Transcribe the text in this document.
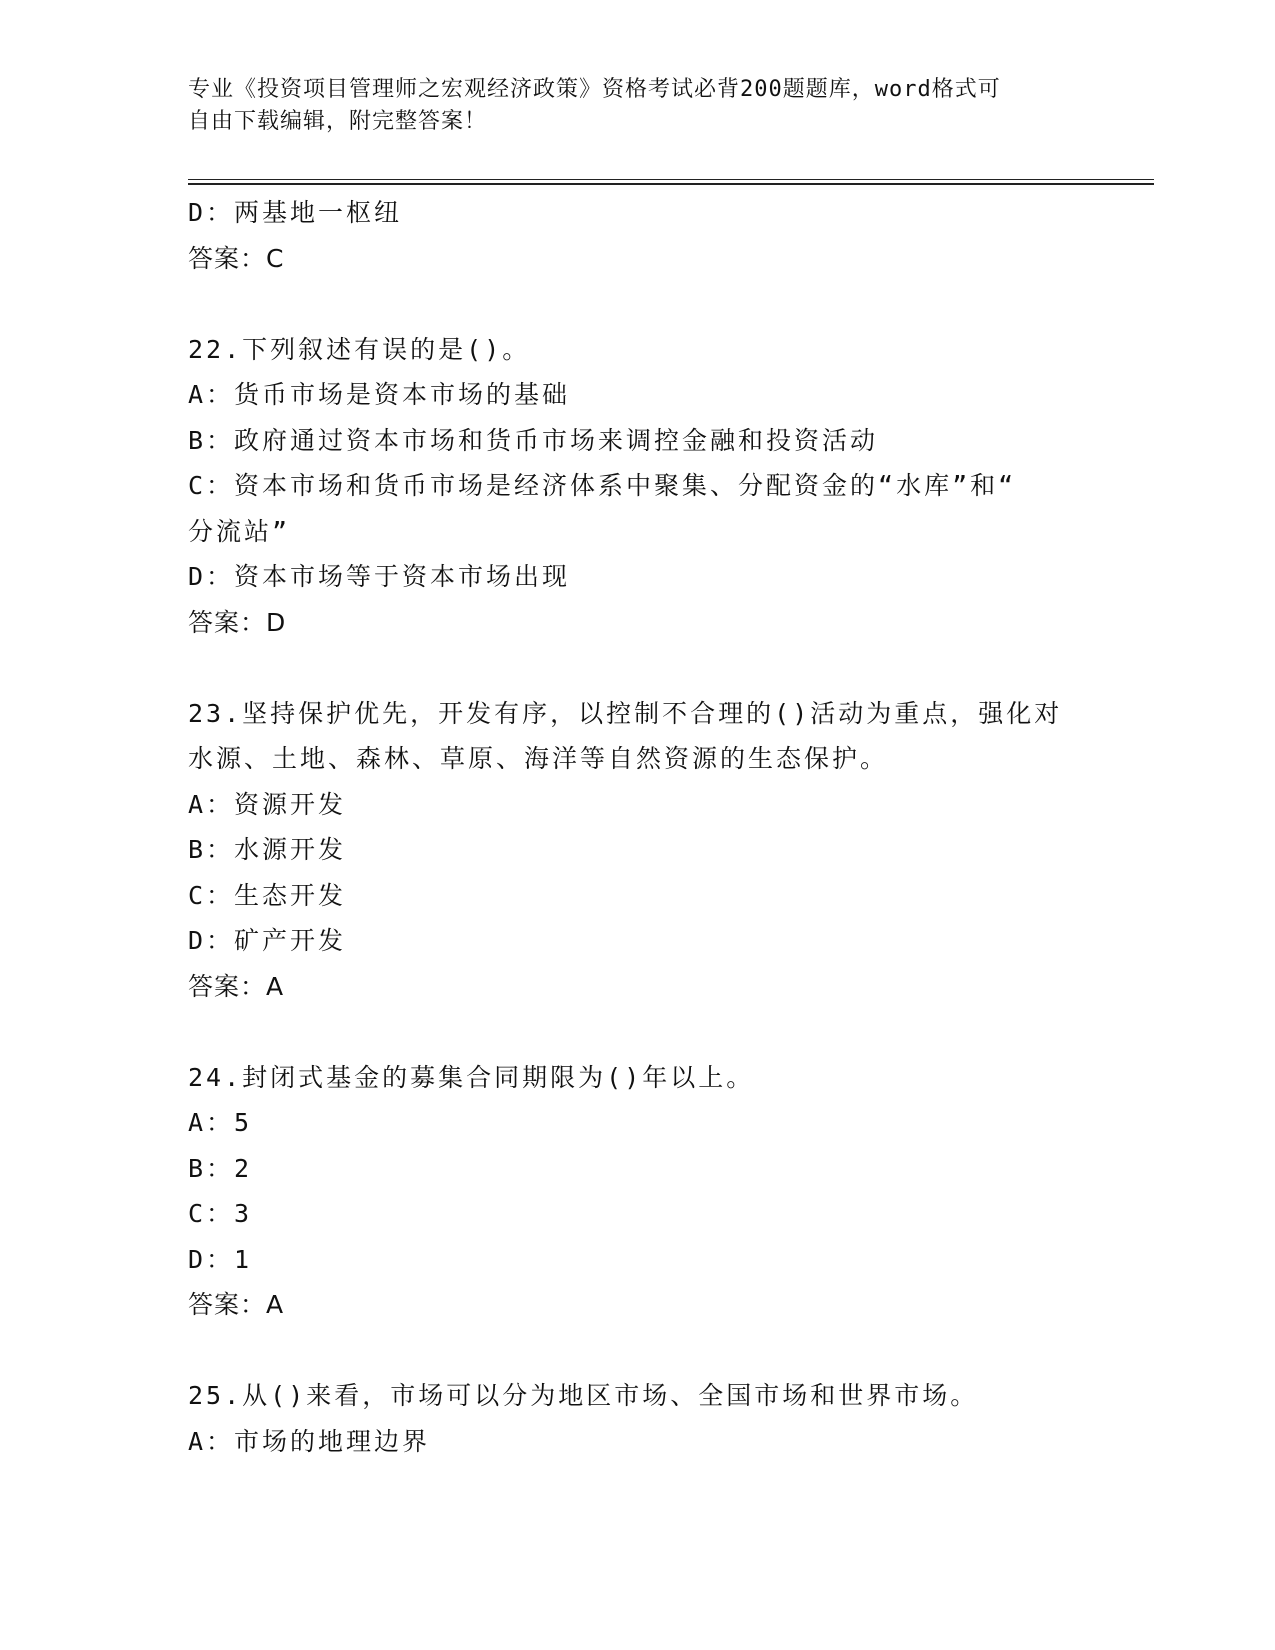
专业《投资项目管理师之宏观经济政策》资格考试必背200题题库，word格式可
自由下载编辑，附完整答案！
D：两基地一枢纽
答案：C
22.下列叙述有误的是()。
A：货币市场是资本市场的基础
B：政府通过资本市场和货币市场来调控金融和投资活动
C：资本市场和货币市场是经济体系中聚集、分配资金的“水库”和“
分流站”
D：资本市场等于资本市场出现
答案：D
23.坚持保护优先，开发有序，以控制不合理的()活动为重点，强化对
水源、土地、森林、草原、海洋等自然资源的生态保护。
A：资源开发
B：水源开发
C：生态开发
D：矿产开发
答案：A
24.封闭式基金的募集合同期限为()年以上。
A：5
B：2
C：3
D：1
答案：A
25.从()来看，市场可以分为地区市场、全国市场和世界市场。
A：市场的地理边界
